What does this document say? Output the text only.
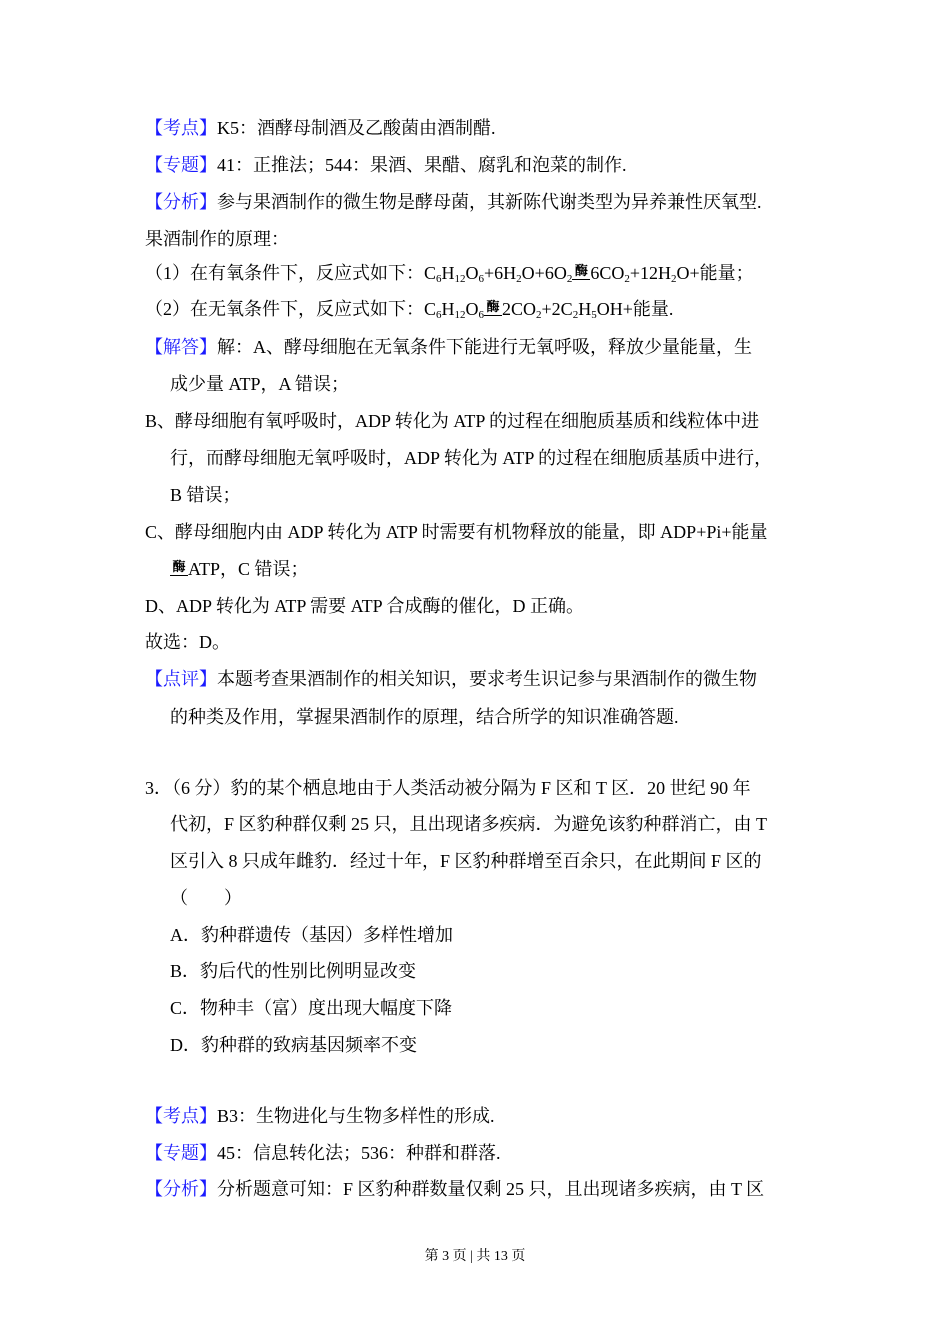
【考点】K5：酒酵母制酒及乙酸菌由酒制醋.
【专题】41：正推法；544：果酒、果醋、腐乳和泡菜的制作.
【分析】参与果酒制作的微生物是酵母菌，其新陈代谢类型为异养兼性厌氧型.
果酒制作的原理：
（1）在有氧条件下，反应式如下：$C_6H_{12}O_6+6H_2O+6O_2$酶 $6CO_2+12H_2O+$能量；
（2）在无氧条件下，反应式如下：$C_6H_{12}O_6$酶 $2CO_2+2C_2H_5OH+$能量.
【解答】解：A、酵母细胞在无氧条件下能进行无氧呼吸，释放少量能量，生
成少量 ATP，A 错误；
B、酵母细胞有氧呼吸时，ADP 转化为 ATP 的过程在细胞质基质和线粒体中进
行，而酵母细胞无氧呼吸时，ADP 转化为 ATP 的过程在细胞质基质中进行，
B 错误；
C、酵母细胞内由 ADP 转化为 ATP 时需要有机物释放的能量，即 ADP+Pi+能量
酶 ATP，C 错误；
D、ADP 转化为 ATP 需要 ATP 合成酶的催化，D 正确。
故选：D。
【点评】本题考查果酒制作的相关知识，要求考生识记参与果酒制作的微生物
的种类及作用，掌握果酒制作的原理，结合所学的知识准确答题.
3．（6 分）豹的某个栖息地由于人类活动被分隔为 F 区和 T 区．20 世纪 90 年
代初，F 区豹种群仅剩 25 只，且出现诸多疾病．为避免该豹种群消亡，由 T
区引入 8 只成年雌豹．经过十年，F 区豹种群增至百余只，在此期间 F 区的
（　　）
A．豹种群遗传（基因）多样性增加
B．豹后代的性别比例明显改变
C．物种丰（富）度出现大幅度下降
D．豹种群的致病基因频率不变
【考点】B3：生物进化与生物多样性的形成.
【专题】45：信息转化法；536：种群和群落.
【分析】分析题意可知：F 区豹种群数量仅剩 25 只，且出现诸多疾病，由 T 区
第 3 页 | 共 13 页
